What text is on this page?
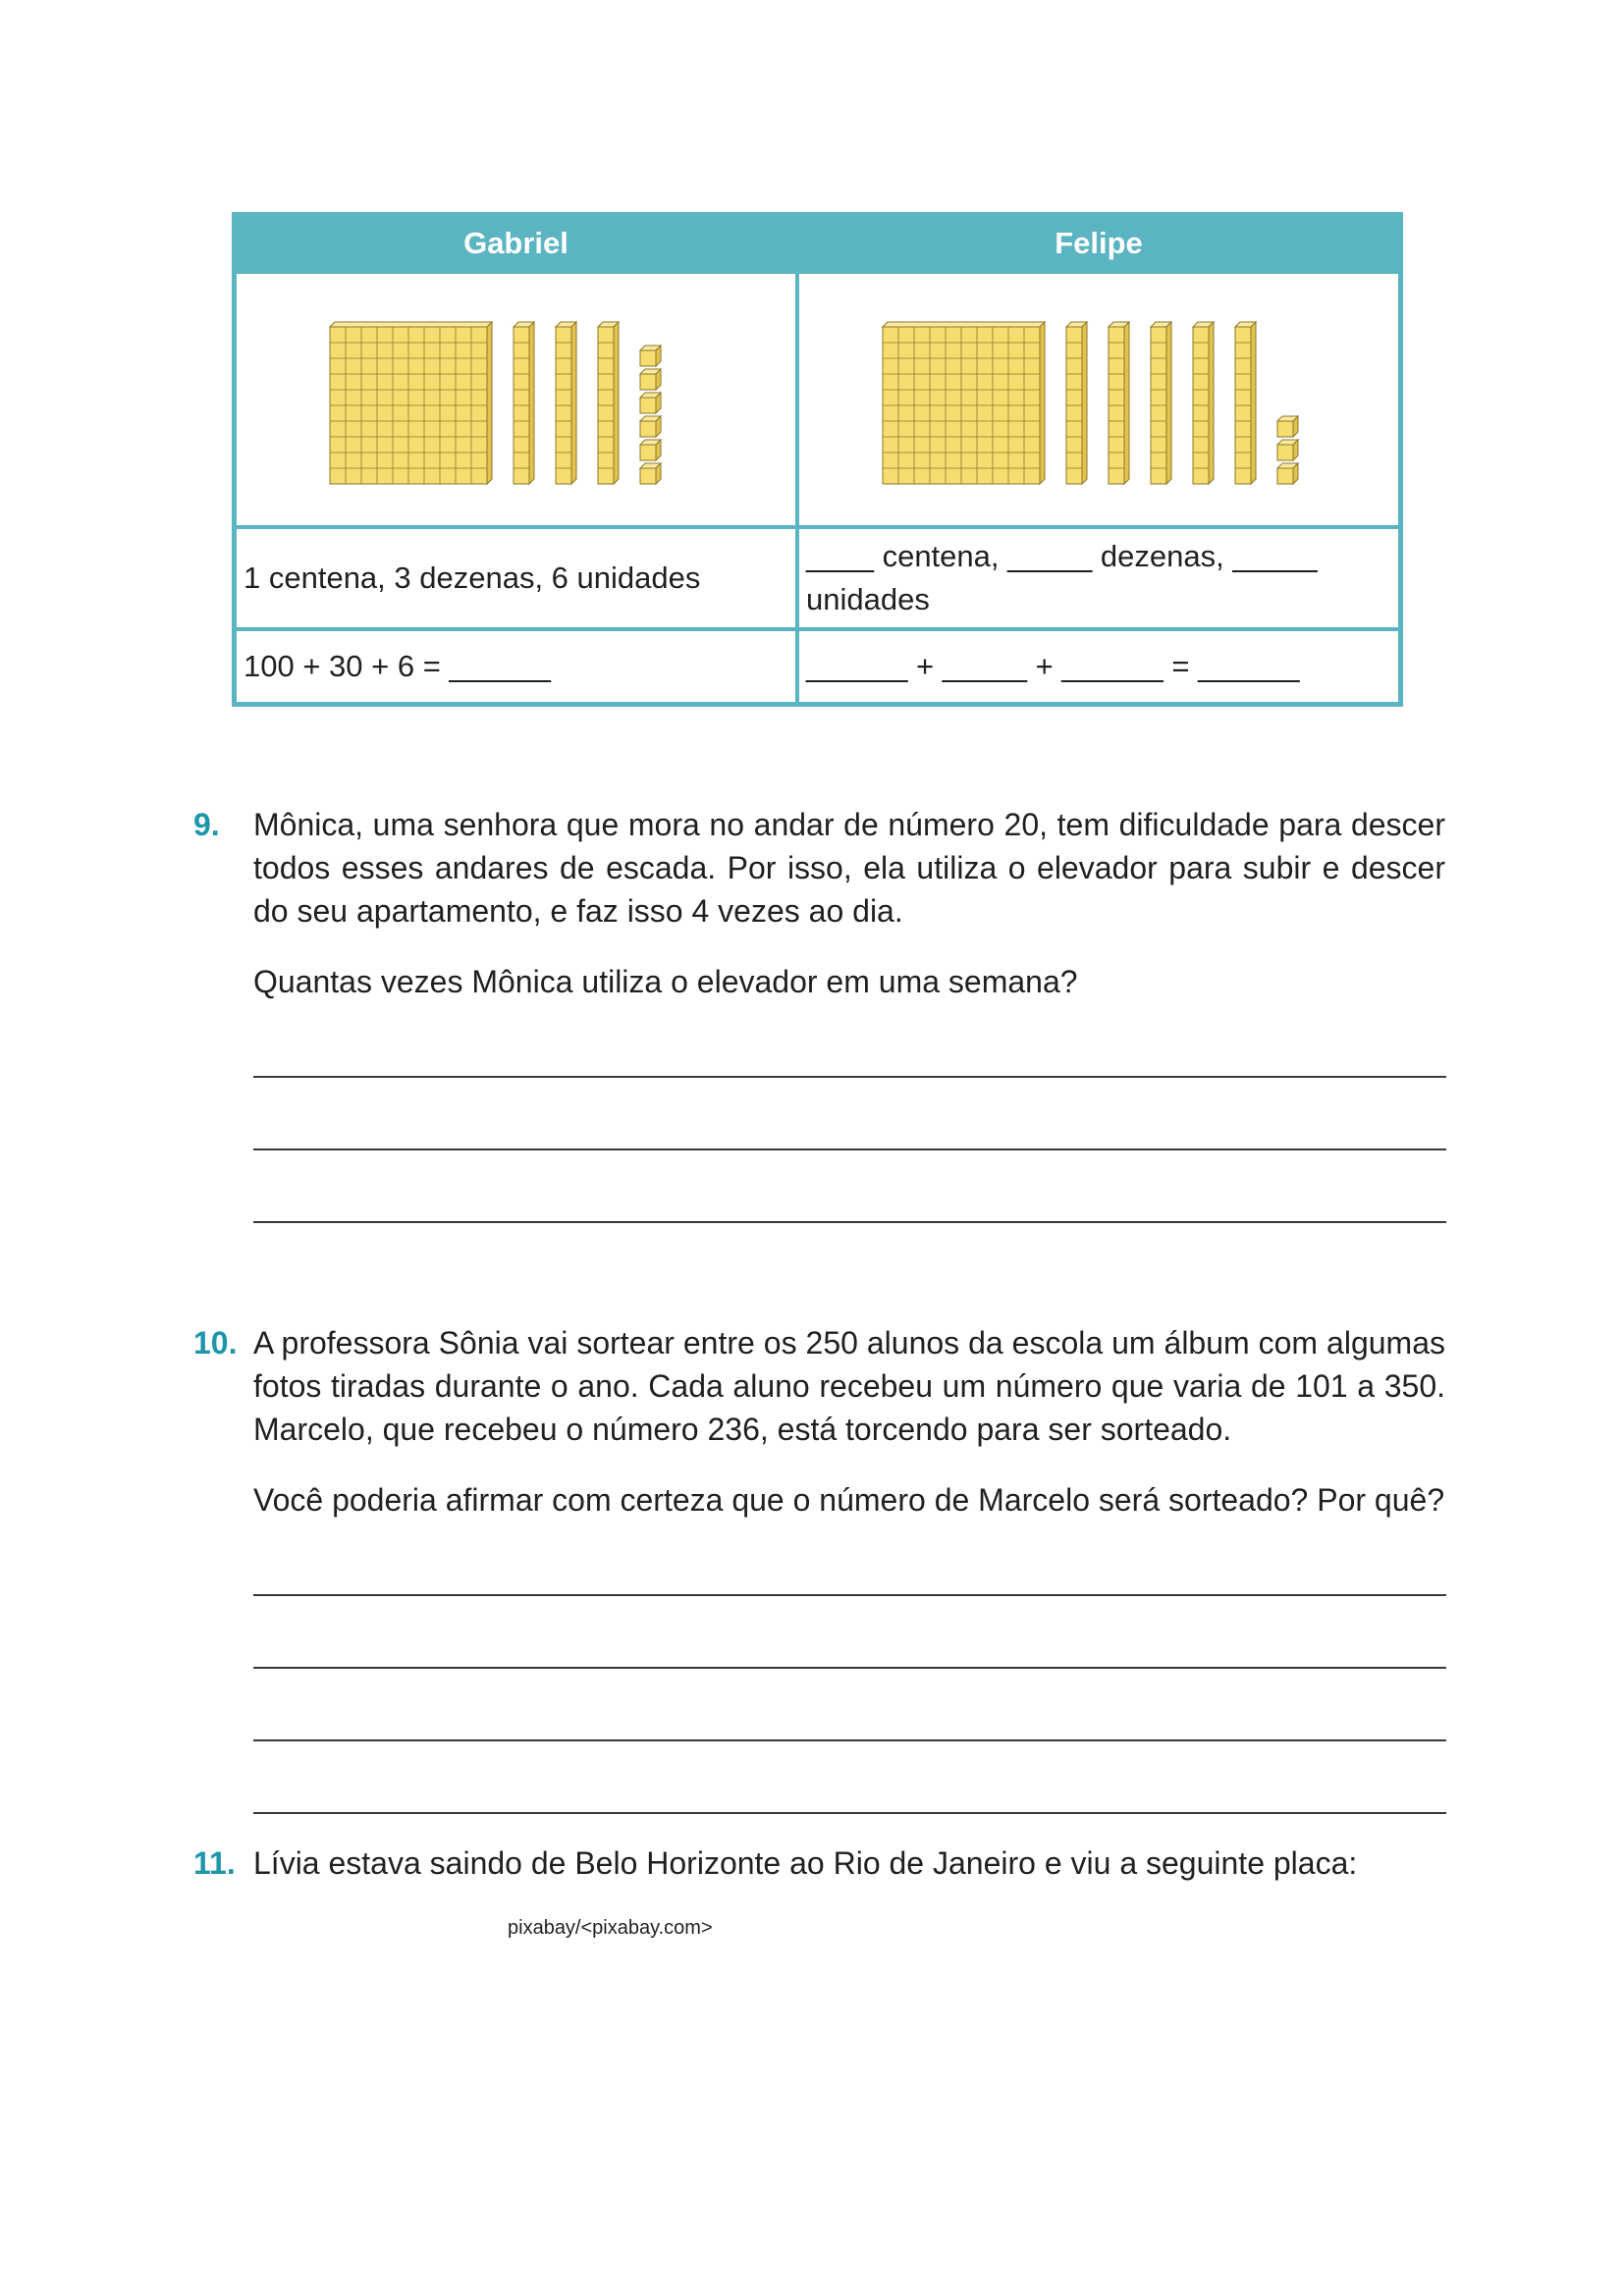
Gabriel	Felipe

1 centena, 3 dezenas, 6 unidades	____ centena, _____ dezenas, _____
unidades

100 + 30 + 6 = ______	______ + _____ + ______ = ______
9. Mônica, uma senhora que mora no andar de número 20, tem dificuldade para descer todos esses andares de escada. Por isso, ela utiliza o elevador para subir e descer do seu apartamento, e faz isso 4 vezes ao dia.

Quantas vezes Mônica utiliza o elevador em uma semana?

10. A professora Sônia vai sortear entre os 250 alunos da escola um álbum com algumas fotos tiradas durante o ano. Cada aluno recebeu um número que varia de 101 a 350. Marcelo, que recebeu o número 236, está torcendo para ser sorteado.

Você poderia afirmar com certeza que o número de Marcelo será sorteado? Por quê?

11. Lívia estava saindo de Belo Horizonte ao Rio de Janeiro e viu a seguinte placa:

pixabay/<pixabay.com>
